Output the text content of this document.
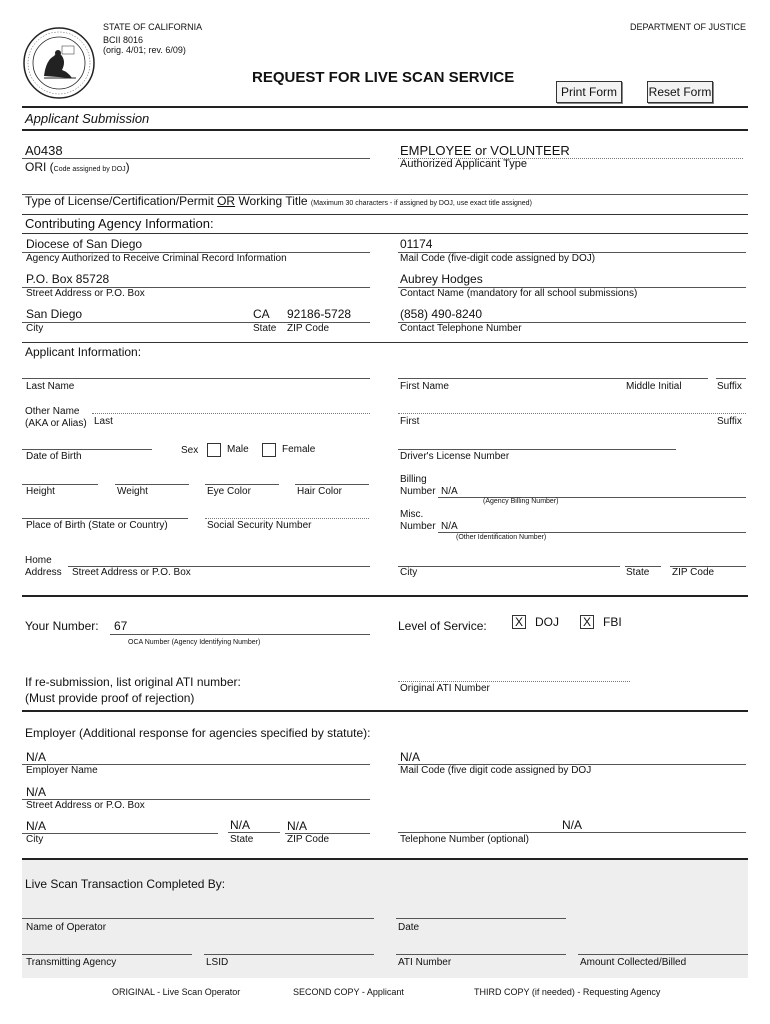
STATE OF CALIFORNIA
BCII 8016
(orig. 4/01; rev. 6/09)
DEPARTMENT OF JUSTICE
REQUEST FOR LIVE SCAN SERVICE
Print Form	Reset Form
Applicant Submission
A0438
ORI (Code assigned by DOJ)
EMPLOYEE or VOLUNTEER
Authorized Applicant Type
Type of License/Certification/Permit OR Working Title (Maximum 30 characters - if assigned by DOJ, use exact title assigned)
Contributing Agency Information:
Diocese of San Diego
Agency Authorized to Receive Criminal Record Information
01174
Mail Code (five-digit code assigned by DOJ)
P.O. Box 85728
Street Address or P.O. Box
Aubrey Hodges
Contact Name (mandatory for all school submissions)
San Diego	CA 92186-5728
City	State ZIP Code
(858) 490-8240
Contact Telephone Number
Applicant Information:
Last Name	First Name	Middle Initial	Suffix
Other Name
(AKA or Alias) Last	First	Suffix
Date of Birth
Sex	Male	Female
Driver's License Number
Height	Weight	Eye Color	Hair Color
Billing
Number N/A
(Agency Billing Number)
Place of Birth (State or Country)	Social Security Number
Misc.
Number N/A
(Other Identification Number)
Home
Address Street Address or P.O. Box	City	State ZIP Code
Your Number: 67
OCA Number (Agency Identifying Number)
Level of Service: X DOJ X FBI
If re-submission, list original ATI number:
(Must provide proof of rejection)
Original ATI Number
Employer (Additional response for agencies specified by statute):
N/A
Employer Name
N/A
Mail Code (five digit code assigned by DOJ
N/A
Street Address or P.O. Box
N/A
City
N/A
State
N/A
ZIP Code
N/A
Telephone Number (optional)
Live Scan Transaction Completed By:
Name of Operator	Date
Transmitting Agency	LSID	ATI Number	Amount Collected/Billed
ORIGINAL - Live Scan Operator	SECOND COPY - Applicant	THIRD COPY (if needed) - Requesting Agency
